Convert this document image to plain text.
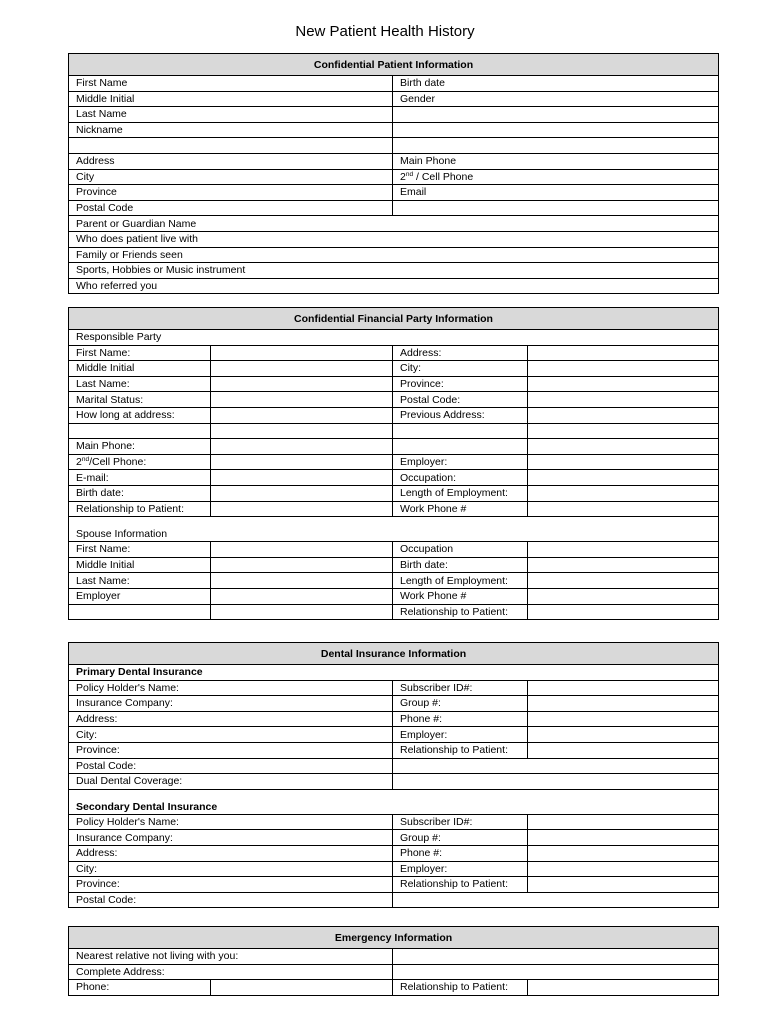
New Patient Health History
Confidential Patient Information	
First Name	Birth date
Middle Initial	Gender
Last Name	
Nickname	

Address	Main Phone
City	2nd / Cell Phone
Province	Email
Postal Code	
Parent or Guardian Name	
Who does patient live with	
Family or Friends seen	
Sports, Hobbies or Music instrument	
Who referred you	
Confidential Financial Party Information			
Responsible Party			
First Name:		Address:	
Middle Initial		City:	
Last Name:		Province:	
Marital Status:		Postal Code:	
How long at address:		Previous Address:	

Main Phone:			
2nd/Cell Phone:		Employer:	
E-mail:		Occupation:	
Birth date:		Length of Employment:	
Relationship to Patient:		Work Phone #	
Spouse Information			
First Name:		Occupation	
Middle Initial		Birth date:	
Last Name:		Length of Employment:	
Employer		Work Phone #	
		Relationship to Patient:	
Dental Insurance Information		
Primary Dental Insurance		
Policy Holder's Name:	Subscriber ID#:	
Insurance Company:	Group #:	
Address:	Phone #:	
City:	Employer:	
Province:	Relationship to Patient:	
Postal Code:		
Dual Dental Coverage:		
Secondary Dental Insurance		
Policy Holder's Name:	Subscriber ID#:	
Insurance Company:	Group #:	
Address:	Phone #:	
City:	Employer:	
Province:	Relationship to Patient:	
Postal Code:		
Emergency Information			
Nearest relative not living with you:			
Complete Address:			
Phone:		Relationship to Patient:	
